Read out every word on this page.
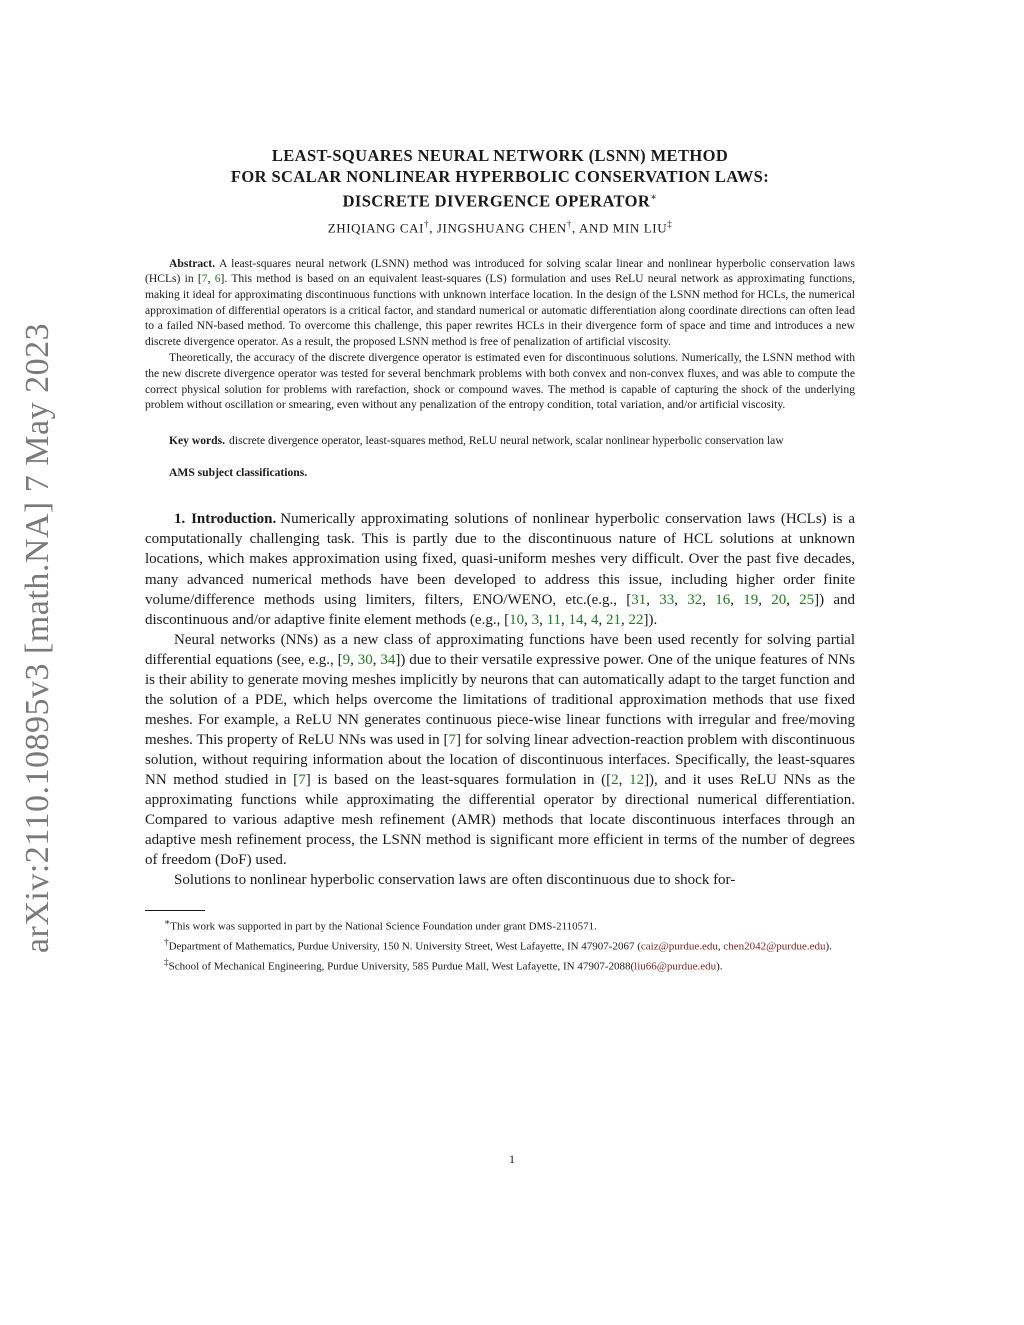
arXiv:2110.10895v3 [math.NA] 7 May 2023
LEAST-SQUARES NEURAL NETWORK (LSNN) METHOD
FOR SCALAR NONLINEAR HYPERBOLIC CONSERVATION LAWS:
DISCRETE DIVERGENCE OPERATOR∗
ZHIQIANG CAI†, JINGSHUANG CHEN†, AND MIN LIU‡

Abstract. A least-squares neural network (LSNN) method was introduced for solving scalar linear and nonlinear hyperbolic conservation laws (HCLs) in [7, 6]. This method is based on an equivalent least-squares (LS) formulation and uses ReLU neural network as approximating functions, making it ideal for approximating discontinuous functions with unknown interface location. In the design of the LSNN method for HCLs, the numerical approximation of differential operators is a critical factor, and standard numerical or automatic differentiation along coordinate directions can often lead to a failed NN-based method. To overcome this challenge, this paper rewrites HCLs in their divergence form of space and time and introduces a new discrete divergence operator. As a result, the proposed LSNN method is free of penalization of artificial viscosity.

Theoretically, the accuracy of the discrete divergence operator is estimated even for discontinuous solutions. Numerically, the LSNN method with the new discrete divergence operator was tested for several benchmark problems with both convex and non-convex fluxes, and was able to compute the correct physical solution for problems with rarefaction, shock or compound waves. The method is capable of capturing the shock of the underlying problem without oscillation or smearing, even without any penalization of the entropy condition, total variation, and/or artificial viscosity.

Key words. discrete divergence operator, least-squares method, ReLU neural network, scalar nonlinear hyperbolic conservation law

AMS subject classifications.

1. Introduction. Numerically approximating solutions of nonlinear hyperbolic conservation laws (HCLs) is a computationally challenging task. This is partly due to the discontinuous nature of HCL solutions at unknown locations, which makes approximation using fixed, quasi-uniform meshes very difficult. Over the past five decades, many advanced numerical methods have been developed to address this issue, including higher order finite volume/difference methods using limiters, filters, ENO/WENO, etc.(e.g., [31, 33, 32, 16, 19, 20, 25]) and discontinuous and/or adaptive finite element methods (e.g., [10, 3, 11, 14, 4, 21, 22]).

Neural networks (NNs) as a new class of approximating functions have been used recently for solving partial differential equations (see, e.g., [9, 30, 34]) due to their versatile expressive power. One of the unique features of NNs is their ability to generate moving meshes implicitly by neurons that can automatically adapt to the target function and the solution of a PDE, which helps overcome the limitations of traditional approximation methods that use fixed meshes. For example, a ReLU NN generates continuous piece-wise linear functions with irregular and free/moving meshes. This property of ReLU NNs was used in [7] for solving linear advection-reaction problem with discontinuous solution, without requiring information about the location of discontinuous interfaces. Specifically, the least-squares NN method studied in [7] is based on the least-squares formulation in ([2, 12]), and it uses ReLU NNs as the approximating functions while approximating the differential operator by directional numerical differentiation. Compared to various adaptive mesh refinement (AMR) methods that locate discontinuous interfaces through an adaptive mesh refinement process, the LSNN method is significant more efficient in terms of the number of degrees of freedom (DoF) used.

Solutions to nonlinear hyperbolic conservation laws are often discontinuous due to shock for-

∗This work was supported in part by the National Science Foundation under grant DMS-2110571.

†Department of Mathematics, Purdue University, 150 N. University Street, West Lafayette, IN 47907-2067 (caiz@purdue.edu, chen2042@purdue.edu).

‡School of Mechanical Engineering, Purdue University, 585 Purdue Mall, West Lafayette, IN 47907-2088(liu66@purdue.edu).

1
